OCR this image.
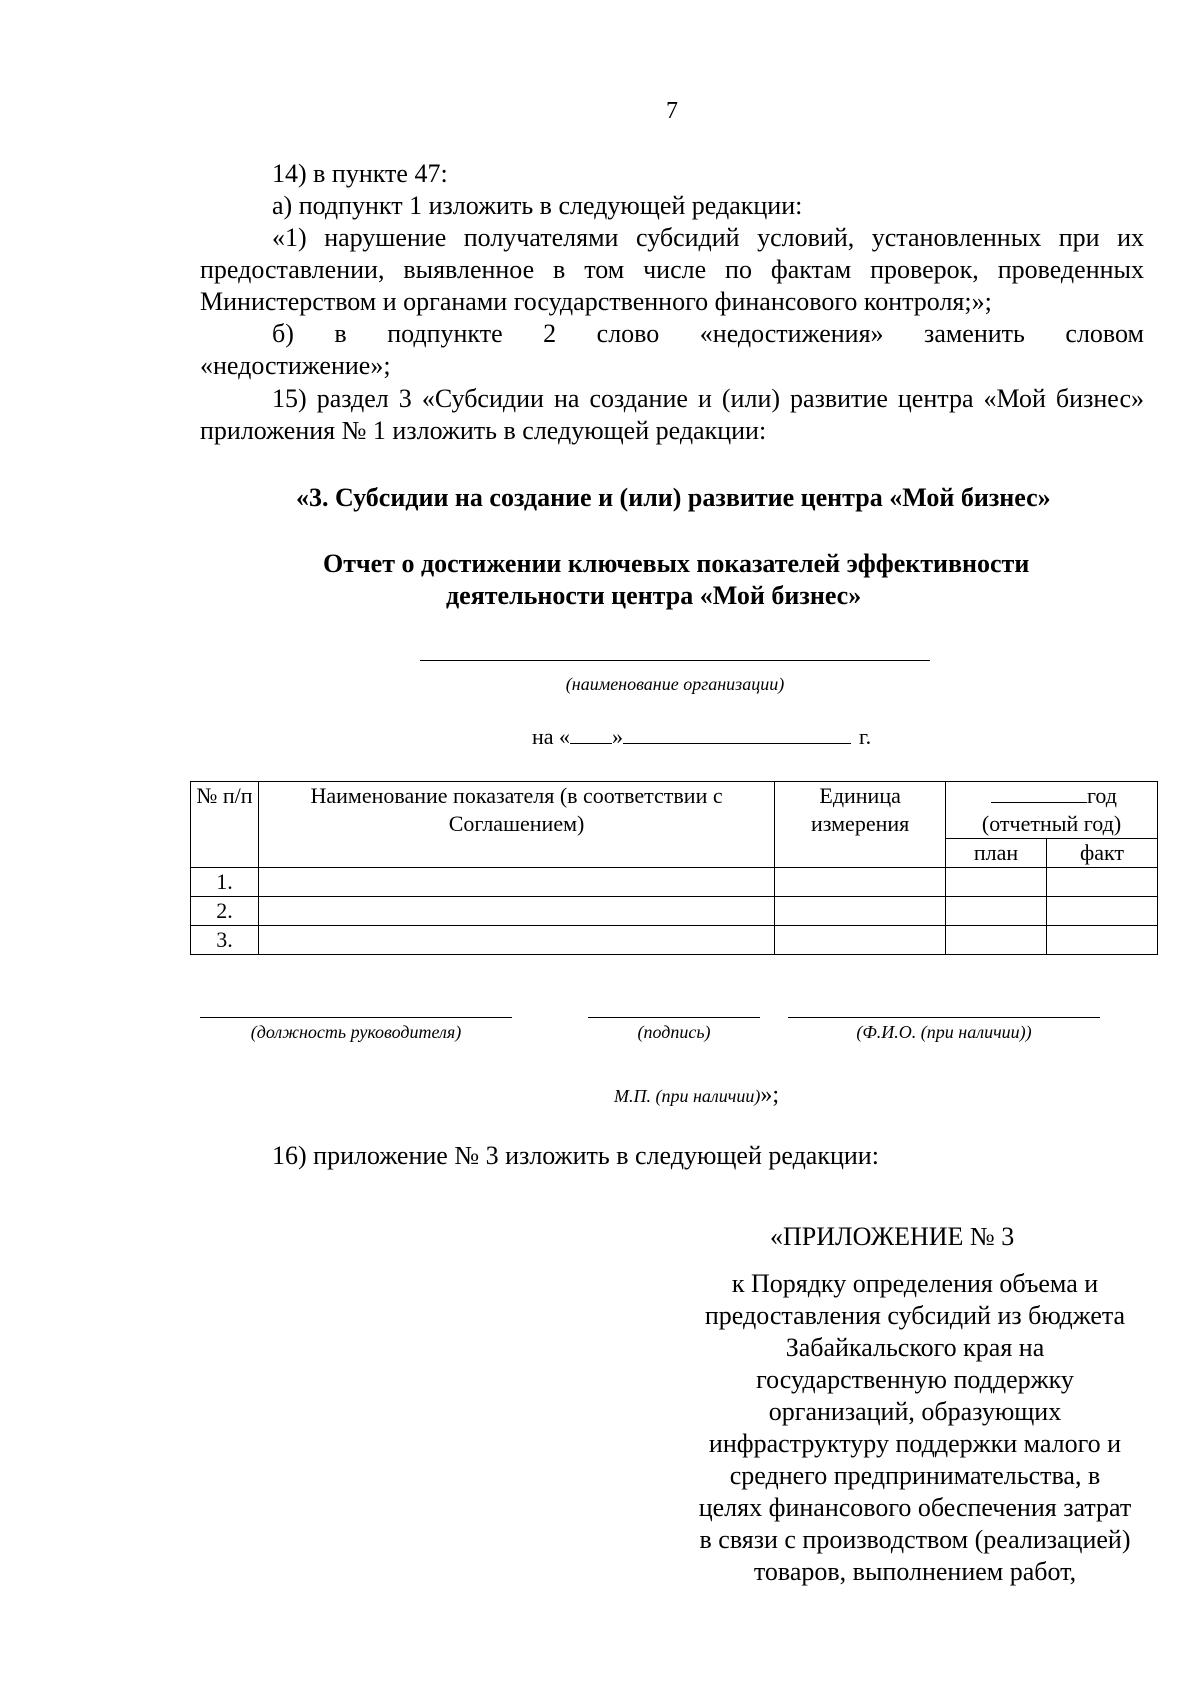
7

14) в пункте 47:

а) подпункт 1 изложить в следующей редакции:

«1) нарушение получателями субсидий условий, установленных при их предоставлении, выявленное в том числе по фактам проверок, проведенных Министерством и органами государственного финансового контроля;»;

б) в подпункте 2 слово «недостижения» заменить словом

«недостижение»;

15) раздел 3 «Субсидии на создание и (или) развитие центра «Мой бизнес» приложения № 1 изложить в следующей редакции:

«3. Субсидии на создание и (или) развитие центра «Мой бизнес»
Отчет о достижении ключевых показателей эффективности
деятельности центра «Мой бизнес»
(наименование организации)
на « »	г.
№ п/п	Наименование показателя (в соответствии с Соглашением)	Единица измерения	год
(отчетный год)	

			план	факт
1.				
2.				
3.				
(должность руководителя)	(подпись)	(Ф.И.О. (при наличии))
М.П. (при наличии)»;

16) приложение № 3 изложить в следующей редакции:

«ПРИЛОЖЕНИЕ № 3
к Порядку определения объема и
предоставления субсидий из бюджета
Забайкальского края на
государственную поддержку
организаций, образующих
инфраструктуру поддержки малого и
среднего предпринимательства, в
целях финансового обеспечения затрат
в связи с производством (реализацией)
товаров, выполнением работ,
